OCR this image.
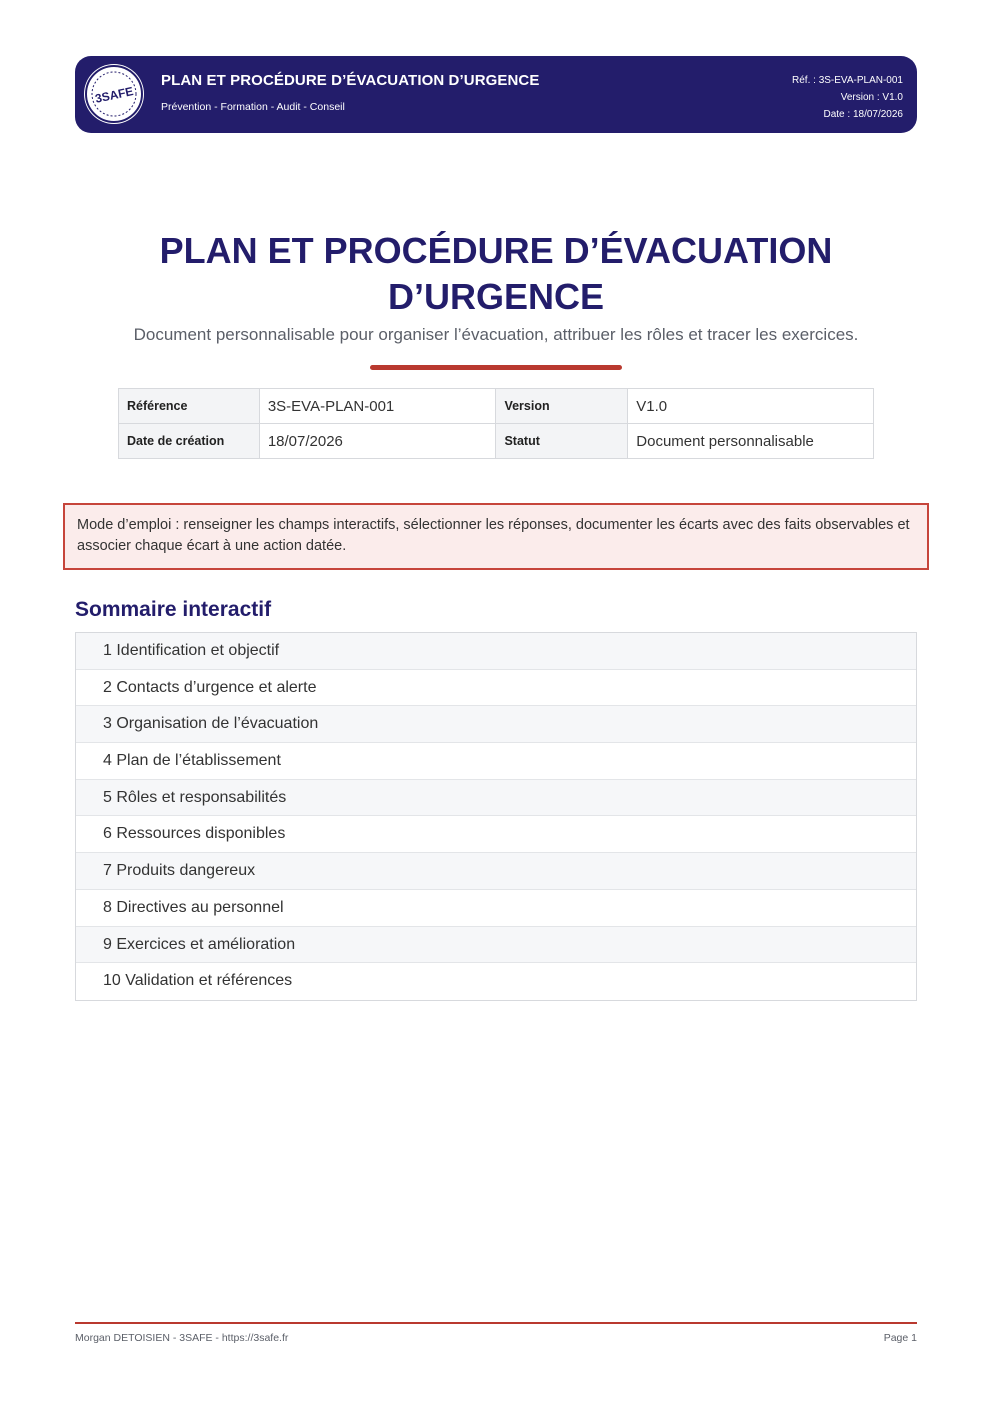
3SAFE
PLAN ET PROCÉDURE D’ÉVACUATION D’URGENCE
Prévention - Formation - Audit - Conseil
Réf. : 3S-EVA-PLAN-001
Version : V1.0
Date : 18/07/2026
PLAN ET PROCÉDURE D’ÉVACUATION D’URGENCE
Document personnalisable pour organiser l’évacuation, attribuer les rôles et tracer les exercices.
Référence	3S-EVA-PLAN-001	Version	V1.0
Date de création	18/07/2026	Statut	Document personnalisable
Mode d’emploi : renseigner les champs interactifs, sélectionner les réponses, documenter les écarts avec des faits observables et associer chaque écart à une action datée.
Sommaire interactif
1 Identification et objectif
2 Contacts d’urgence et alerte
3 Organisation de l’évacuation
4 Plan de l’établissement
5 Rôles et responsabilités
6 Ressources disponibles
7 Produits dangereux
8 Directives au personnel
9 Exercices et amélioration
10 Validation et références
Morgan DETOISIEN - 3SAFE - https://3safe.fr	Page 1
